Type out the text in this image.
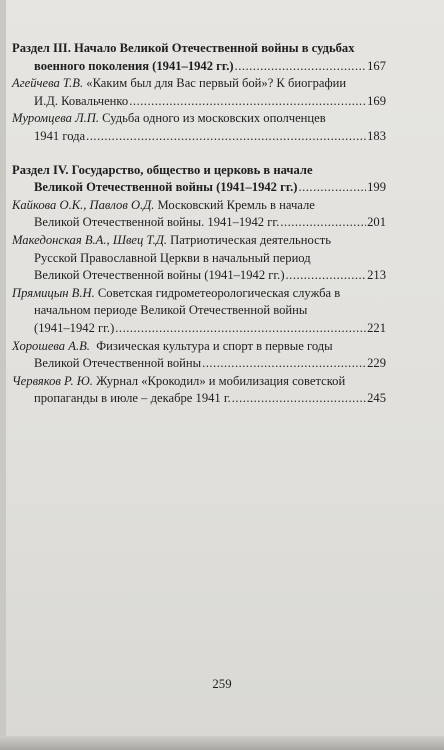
Раздел III. Начало Великой Отечественной войны в судьбах
военного поколения (1941–1942 гг.) .....	167
Агейчева Т.В. «Каким был для Вас первый бой»? К биографии
И.Д. Ковальченко .....	169
Муромцева Л.П. Судьба одного из московских ополченцев
1941 года .....	183
Раздел IV. Государство, общество и церковь в начале
Великой Отечественной войны (1941–1942 гг.) .....	199
Кайкова О.К., Павлов О.Д. Московский Кремль в начале
Великой Отечественной войны. 1941–1942 гг. .....	201
Македонская В.А., Швец Т.Д. Патриотическая деятельность
Русской Православной Церкви в начальный период
Великой Отечественной войны (1941–1942 гг.) .....	213
Прямицын В.Н. Советская гидрометеорологическая служба в
начальном периоде Великой Отечественной войны
(1941–1942 гг.) .....	221
Хорошева А.В.  Физическая культура и спорт в первые годы
Великой Отечественной войны .....	229
Червяков Р. Ю. Журнал «Крокодил» и мобилизация советской
пропаганды в июле – декабре 1941 г. .....	245
259
